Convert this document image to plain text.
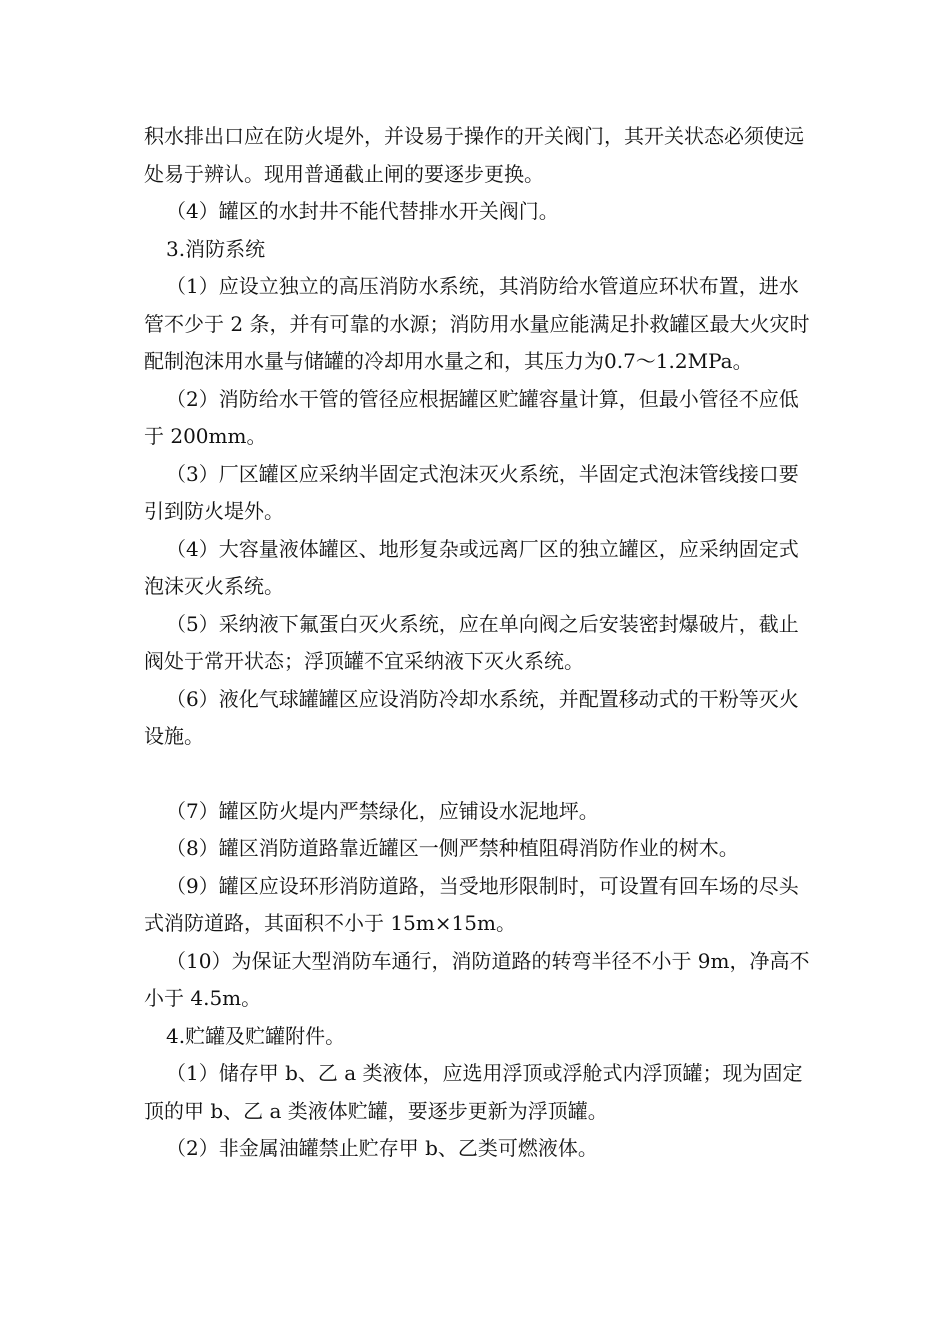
积水排出口应在防火堤外，并设易于操作的开关阀门，其开关状态必须使远处易于辨认。现用普通截止闸的要逐步更换。

（4）罐区的水封井不能代替排水开关阀门。

3.消防系统

（1）应设立独立的高压消防水系统，其消防给水管道应环状布置，进水管不少于 2 条，并有可靠的水源；消防用水量应能满足扑救罐区最大火灾时配制泡沫用水量与储罐的冷却用水量之和，其压力为0.7～1.2MPa。

（2）消防给水干管的管径应根据罐区贮罐容量计算，但最小管径不应低于 200mm。

（3）厂区罐区应采纳半固定式泡沫灭火系统，半固定式泡沫管线接口要引到防火堤外。

（4）大容量液体罐区、地形复杂或远离厂区的独立罐区，应采纳固定式泡沫灭火系统。

（5）采纳液下氟蛋白灭火系统，应在单向阀之后安装密封爆破片，截止阀处于常开状态；浮顶罐不宜采纳液下灭火系统。

（6）液化气球罐罐区应设消防冷却水系统，并配置移动式的干粉等灭火设施。

（7）罐区防火堤内严禁绿化，应铺设水泥地坪。

（8）罐区消防道路靠近罐区一侧严禁种植阻碍消防作业的树木。

（9）罐区应设环形消防道路，当受地形限制时，可设置有回车场的尽头式消防道路，其面积不小于 15m×15m。

（10）为保证大型消防车通行，消防道路的转弯半径不小于 9m，净高不小于 4.5m。

4.贮罐及贮罐附件。

（1）储存甲 b、乙 a 类液体，应选用浮顶或浮舱式内浮顶罐；现为固定顶的甲 b、乙 a 类液体贮罐，要逐步更新为浮顶罐。

（2）非金属油罐禁止贮存甲 b、乙类可燃液体。
